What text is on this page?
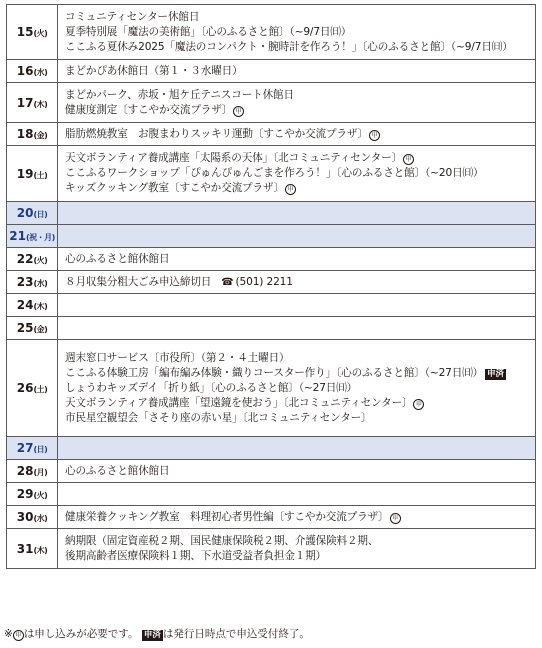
15(火)	コミュニティセンター休館日
夏季特別展「魔法の美術館」〔心のふるさと館〕（~9/7日㈰）
ここふる夏休み2025「魔法のコンパクト・腕時計を作ろう！」〔心のふるさと館〕（~9/7日㈰）

16(水)	まどかぴあ休館日（第１・３水曜日）

17(木)	まどかパーク、赤坂・旭ケ丘テニスコート休館日
健康度測定〔すこやか交流プラザ〕 申

18(金)	脂肪燃焼教室　お腹まわりスッキリ運動〔すこやか交流プラザ〕 申

19(土)	天文ボランティア養成講座「太陽系の天体」〔北コミュニティセンター〕 申
ここふるワークショップ「ぴゅんぴゅんごまを作ろう！」〔心のふるさと館〕（~20日㈰）
キッズクッキング教室〔すこやか交流プラザ〕 申

20(日)	
21(祝・月)	
22(火)	心のふるさと館休館日

23(水)	８月収集分粗大ごみ申込締切日 ☎ (501) 2211

24(木)	
25(金)	
26(土)	週末窓口サービス〔市役所〕（第２・４土曜日）
ここふる体験工房「編布編み体験・織りコースター作り」〔心のふるさと館〕（~27日㈰） 申済
しょうわキッズデイ「折り紙」〔心のふるさと館〕（~27日㈰）
天文ボランティア養成講座「望遠鏡を使おう」〔北コミュニティセンター〕 申
市民星空観望会「さそり座の赤い星」〔北コミュニティセンター〕

27(日)	
28(月)	心のふるさと館休館日

29(火)	
30(水)	健康栄養クッキング教室　料理初心者男性編〔すこやか交流プラザ〕 申

31(木)	納期限（固定資産税２期、国民健康保険税２期、介護保険料２期、
後期高齢者医療保険料１期、下水道受益者負担金１期）
※ 申 は申し込みが必要です。 申済 は発行日時点で申込受付終了。
